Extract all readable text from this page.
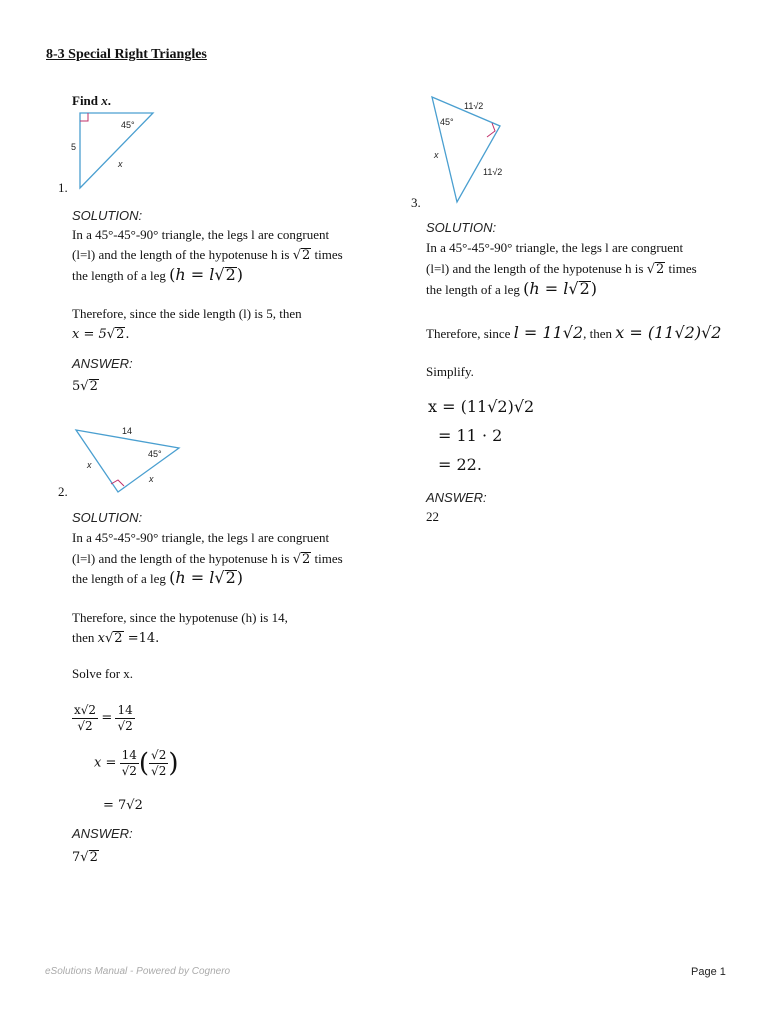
8-3 Special Right Triangles
Find x.
45°
5
x
1.
SOLUTION:
In a 45°-45°-90° triangle, the legs l are congruent
(l=l) and the length of the hypotenuse h is √2 times
the length of a leg (h = l√2)
Therefore, since the side length (l) is 5, then
x = 5√2.
ANSWER:
5√2
14
45°
x
x
2.
SOLUTION:
In a 45°-45°-90° triangle, the legs l are congruent
(l=l) and the length of the hypotenuse h is √2 times
the length of a leg (h = l√2)
Therefore, since the hypotenuse (h) is 14,
then x√2 =14.
Solve for x.
$\frac{x√2}{√2} = \frac{14}{√2}$
$x = \frac{14}{√2}$ ( $\frac{√2}{√2}$ )
= 7√2
ANSWER:
7√2
11√2
45°
x
11√2
3.
SOLUTION:
In a 45°-45°-90° triangle, the legs l are congruent
(l=l) and the length of the hypotenuse h is √2 times
the length of a leg (h = l√2)
Therefore, since l = 11√2, then x = (11√2)√2
Simplify.
x = (11√2)√2
= 11 · 2
= 22.
ANSWER:
22
eSolutions Manual - Powered by Cognero	Page 1
